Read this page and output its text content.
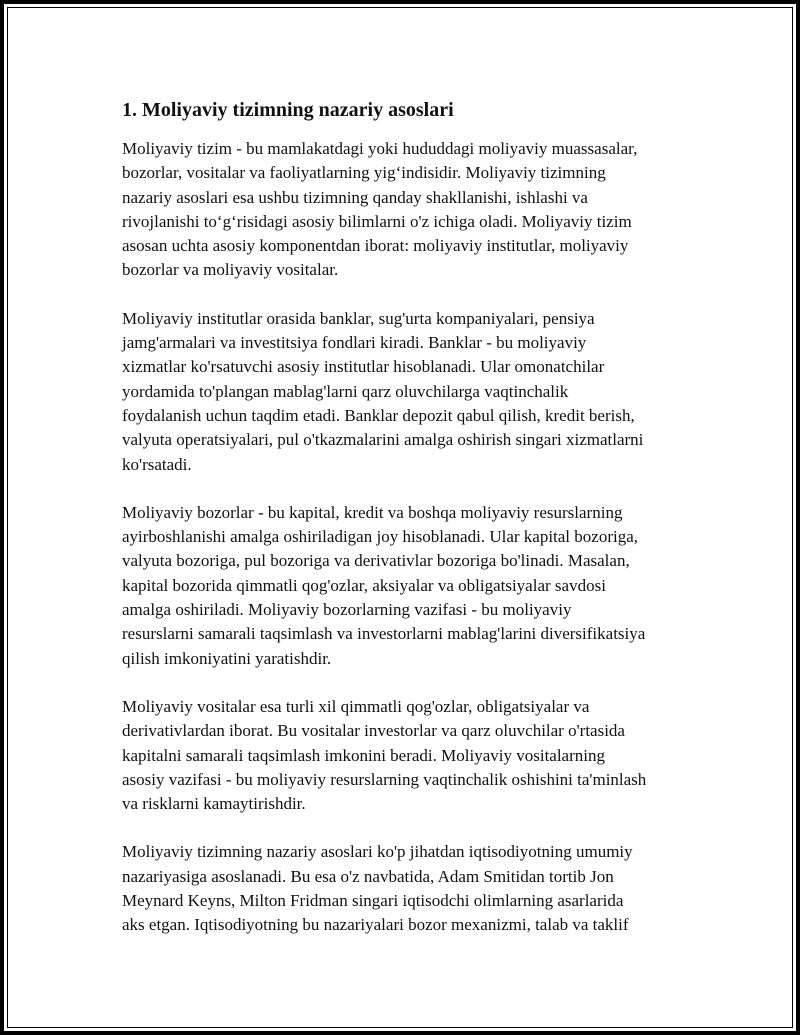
1. Moliyaviy tizimning nazariy asoslari

Moliyaviy tizim - bu mamlakatdagi yoki hududdagi moliyaviy muassasalar,
bozorlar, vositalar va faoliyatlarning yig‘indisidir. Moliyaviy tizimning
nazariy asoslari esa ushbu tizimning qanday shakllanishi, ishlashi va
rivojlanishi to‘g‘risidagi asosiy bilimlarni o'z ichiga oladi. Moliyaviy tizim
asosan uchta asosiy komponentdan iborat: moliyaviy institutlar, moliyaviy
bozorlar va moliyaviy vositalar.

Moliyaviy institutlar orasida banklar, sug'urta kompaniyalari, pensiya
jamg'armalari va investitsiya fondlari kiradi. Banklar - bu moliyaviy
xizmatlar ko'rsatuvchi asosiy institutlar hisoblanadi. Ular omonatchilar
yordamida to'plangan mablag'larni qarz oluvchilarga vaqtinchalik
foydalanish uchun taqdim etadi. Banklar depozit qabul qilish, kredit berish,
valyuta operatsiyalari, pul o'tkazmalarini amalga oshirish singari xizmatlarni
ko'rsatadi.

Moliyaviy bozorlar - bu kapital, kredit va boshqa moliyaviy resurslarning
ayirboshlanishi amalga oshiriladigan joy hisoblanadi. Ular kapital bozoriga,
valyuta bozoriga, pul bozoriga va derivativlar bozoriga bo'linadi. Masalan,
kapital bozorida qimmatli qog'ozlar, aksiyalar va obligatsiyalar savdosi
amalga oshiriladi. Moliyaviy bozorlarning vazifasi - bu moliyaviy
resurslarni samarali taqsimlash va investorlarni mablag'larini diversifikatsiya
qilish imkoniyatini yaratishdir.

Moliyaviy vositalar esa turli xil qimmatli qog'ozlar, obligatsiyalar va
derivativlardan iborat. Bu vositalar investorlar va qarz oluvchilar o'rtasida
kapitalni samarali taqsimlash imkonini beradi. Moliyaviy vositalarning
asosiy vazifasi - bu moliyaviy resurslarning vaqtinchalik oshishini ta'minlash
va risklarni kamaytirishdir.

Moliyaviy tizimning nazariy asoslari ko'p jihatdan iqtisodiyotning umumiy
nazariyasiga asoslanadi. Bu esa o'z navbatida, Adam Smitidan tortib Jon
Meynard Keyns, Milton Fridman singari iqtisodchi olimlarning asarlarida
aks etgan. Iqtisodiyotning bu nazariyalari bozor mexanizmi, talab va taklif
